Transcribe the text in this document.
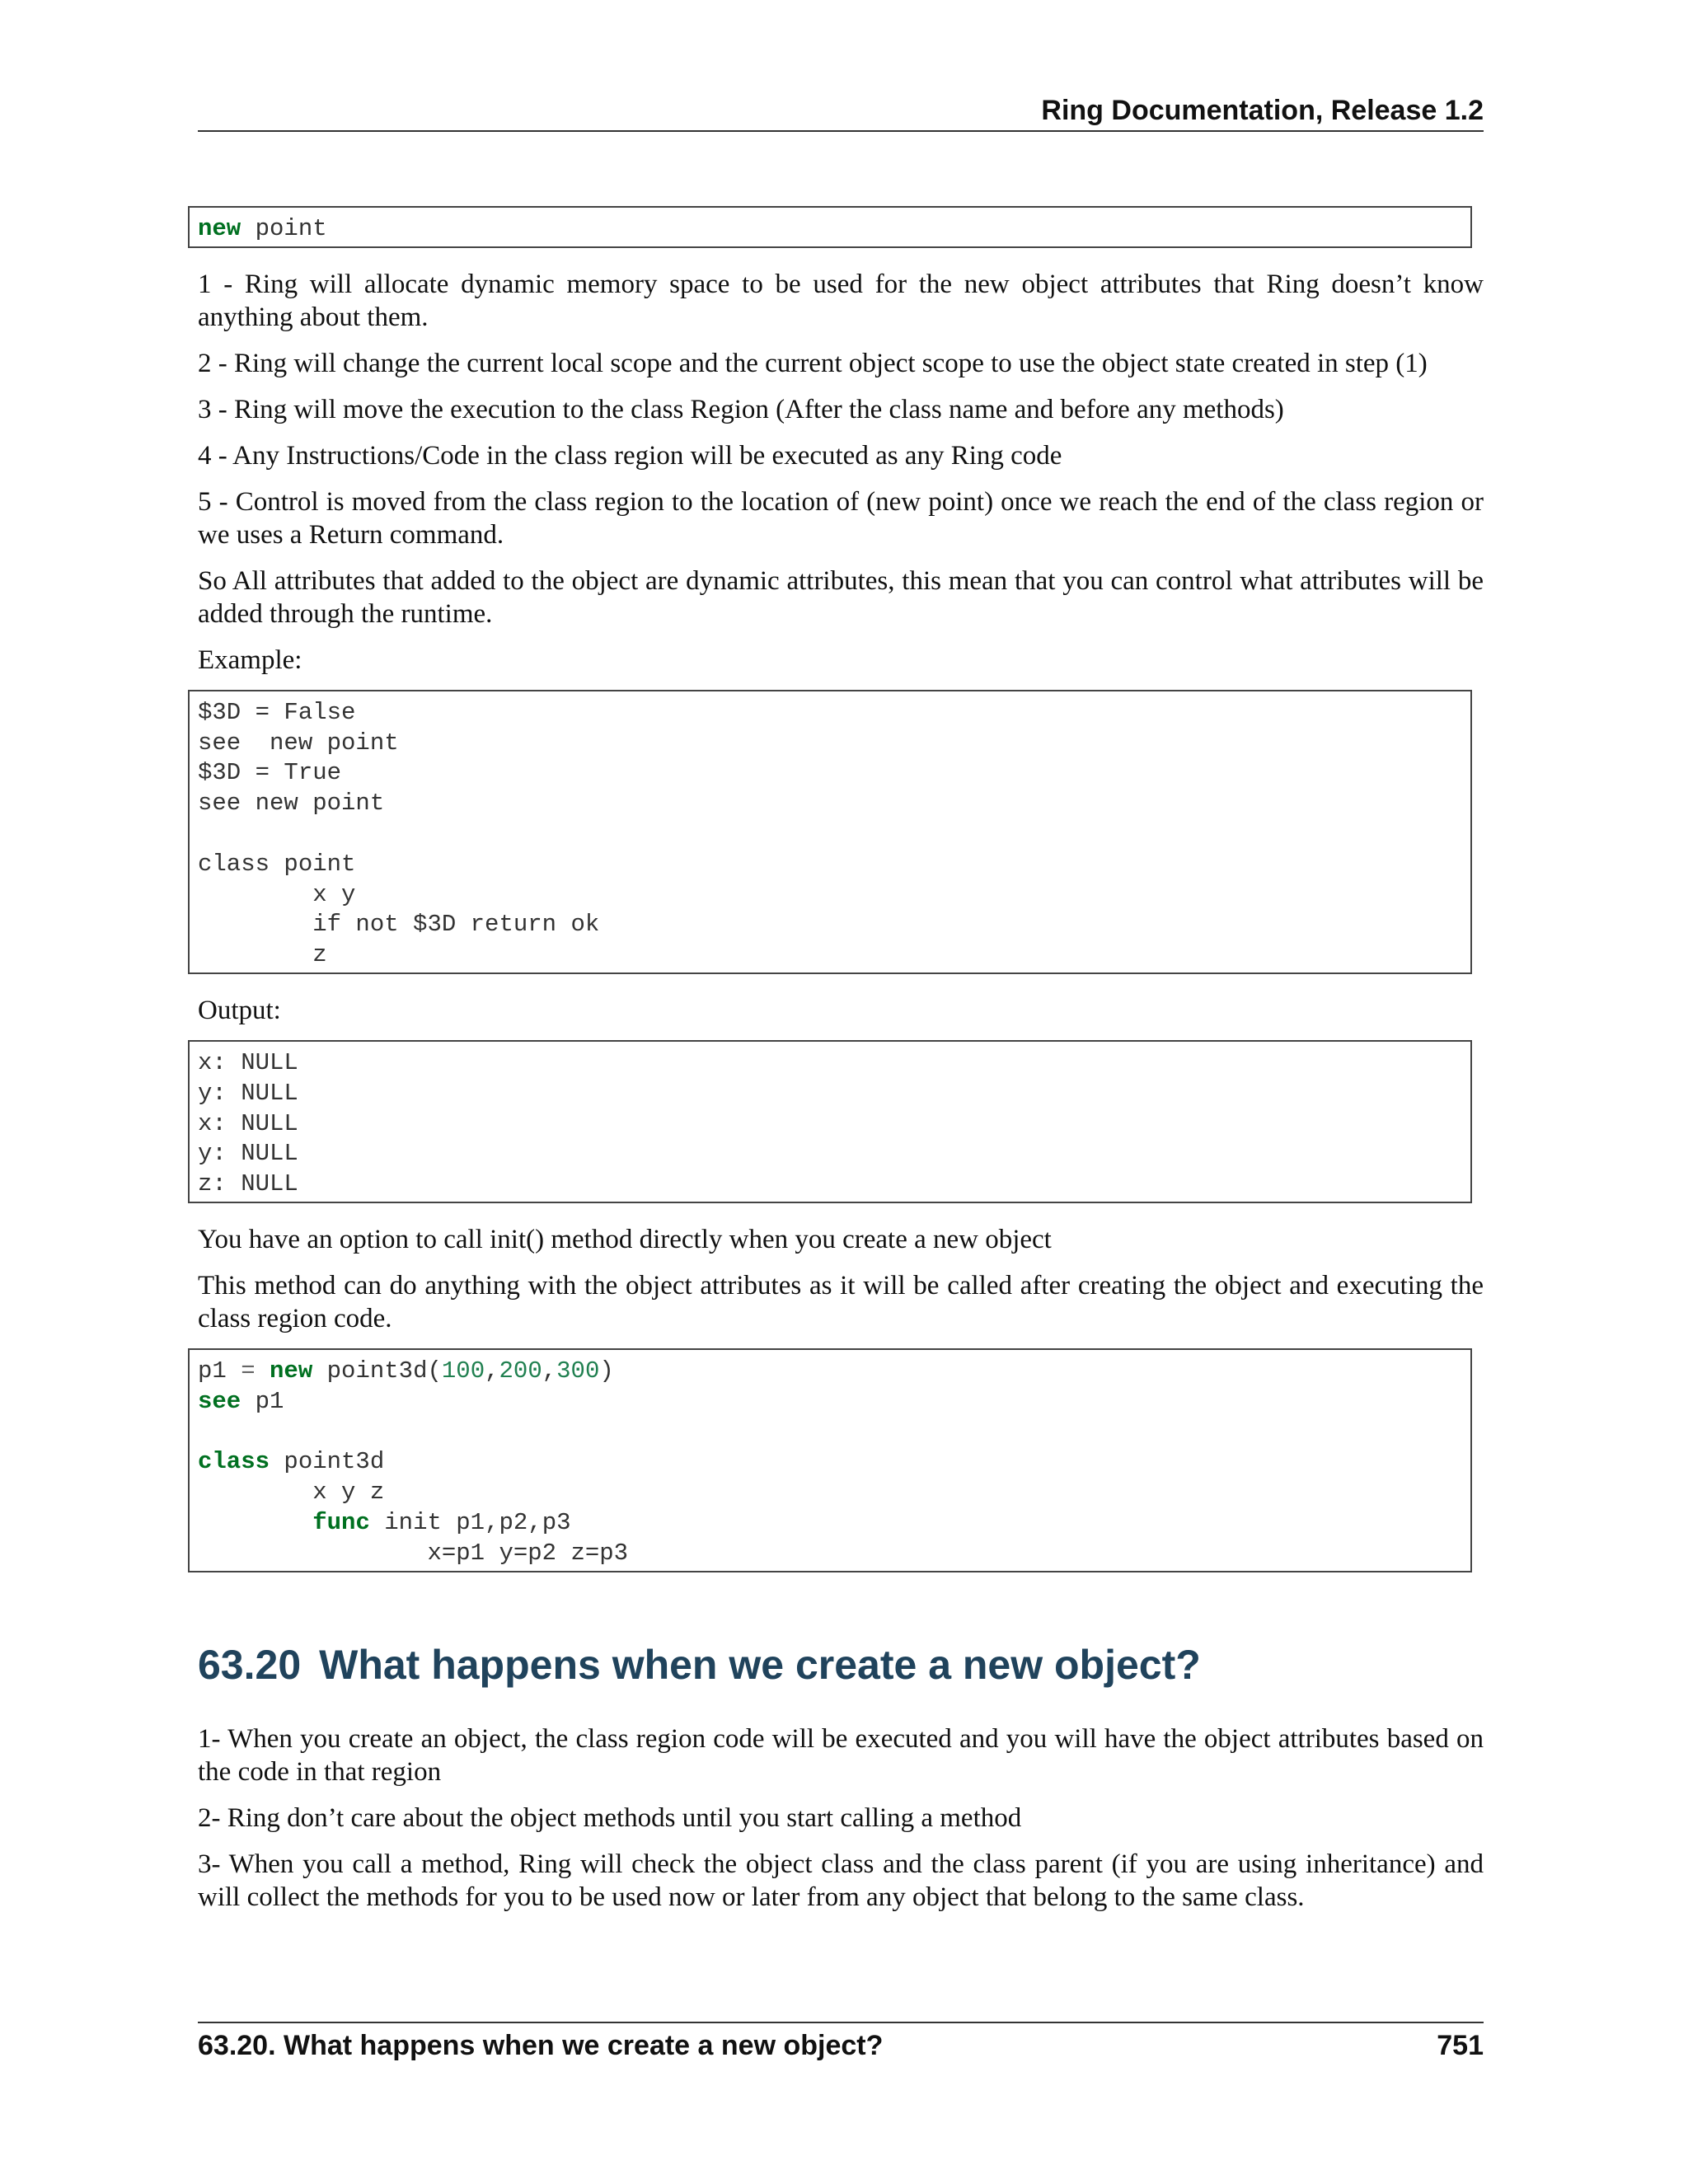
Ring Documentation, Release 1.2
new point

1 - Ring will allocate dynamic memory space to be used for the new object attributes that Ring doesn’t know anything about them.

2 - Ring will change the current local scope and the current object scope to use the object state created in step (1)

3 - Ring will move the execution to the class Region (After the class name and before any methods)

4 - Any Instructions/Code in the class region will be executed as any Ring code

5 - Control is moved from the class region to the location of (new point) once we reach the end of the class region or we uses a Return command.

So All attributes that added to the object are dynamic attributes, this mean that you can control what attributes will be added through the runtime.

Example:

$3D = False
see  new point
$3D = True
see new point
class point
x y
if not $3D return ok
z

Output:

x: NULL
y: NULL
x: NULL
y: NULL
z: NULL

You have an option to call init() method directly when you create a new object

This method can do anything with the object attributes as it will be called after creating the object and executing the class region code.

p1 = new point3d(100,200,300)
see p1
class point3d
x y z
func init p1,p2,p3
x=p1 y=p2 z=p3
63.20 What happens when we create a new object?

1- When you create an object, the class region code will be executed and you will have the object attributes based on the code in that region

2- Ring don’t care about the object methods until you start calling a method

3- When you call a method, Ring will check the object class and the class parent (if you are using inheritance) and will collect the methods for you to be used now or later from any object that belong to the same class.

63.20. What happens when we create a new object?	751
